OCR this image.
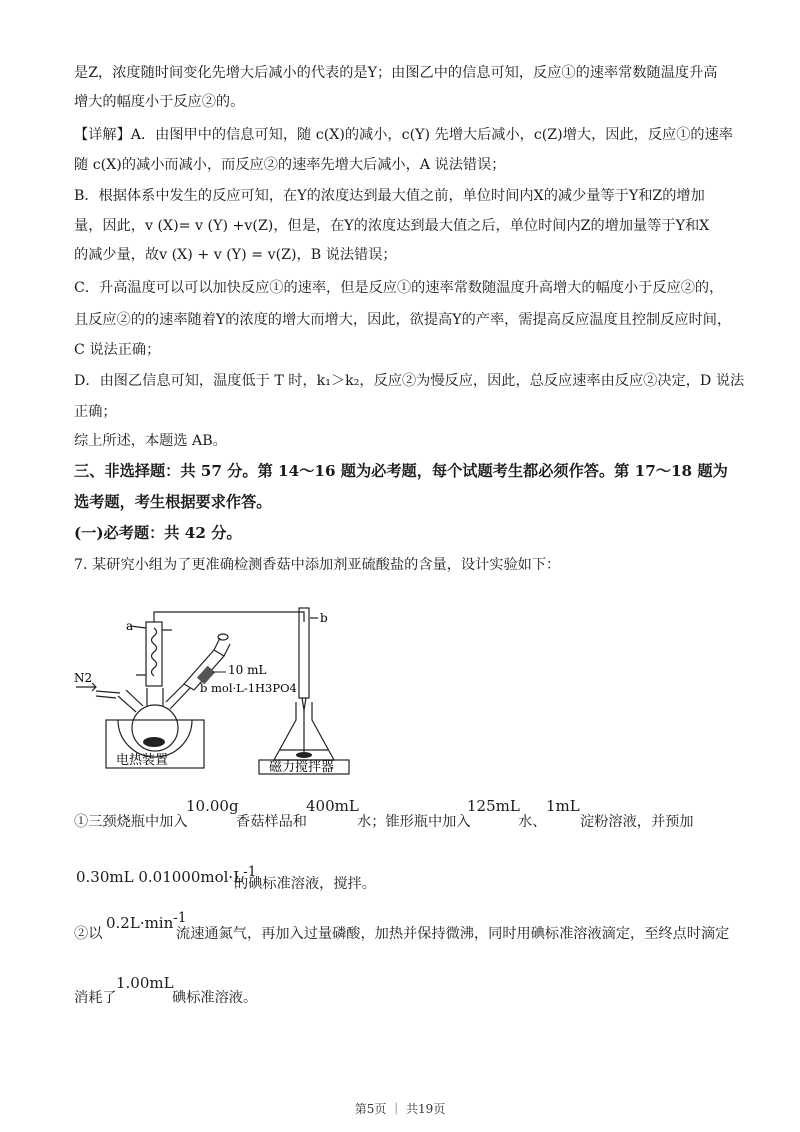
是Z，浓度随时间变化先增大后减小的代表的是Y；由图乙中的信息可知，反应①的速率常数随温度升高
增大的幅度小于反应②的。
【详解】A．由图甲中的信息可知，随 c(X)的减小，c(Y) 先增大后减小，c(Z)增大，因此，反应①的速率
随 c(X)的减小而减小，而反应②的速率先增大后减小，A 说法错误；
B．根据体系中发生的反应可知，在Y的浓度达到最大值之前，单位时间内X的减少量等于Y和Z的增加
量，因此，v (X)= v (Y) +v(Z)，但是，在Y的浓度达到最大值之后，单位时间内Z的增加量等于Y和X
的减少量，故v (X) + v (Y) = v(Z)，B 说法错误；
C．升高温度可以可以加快反应①的速率，但是反应①的速率常数随温度升高增大的幅度小于反应②的，
且反应②的的速率随着Y的浓度的增大而增大，因此，欲提高Y的产率，需提高反应温度且控制反应时间，
C 说法正确；
D．由图乙信息可知，温度低于 T 时，k₁＞k₂，反应②为慢反应，因此，总反应速率由反应②决定，D 说法
正确；
综上所述，本题选 AB。
三、非选择题：共 57 分。第 14～16 题为必考题，每个试题考生都必须作答。第 17～18 题为
选考题，考生根据要求作答。
(一)必考题：共 42 分。
7. 某研究小组为了更准确检测香菇中添加剂亚硫酸盐的含量，设计实验如下：
a
b
N2
10 mL
b mol·L-1H3PO4
电热装置	磁力搅拌器
①三颈烧瓶中加入
10.00g
香菇样品和
400mL
水；锥形瓶中加入
125mL
水、
1mL
淀粉溶液，并预加
0.30mL $0.01000mol\cdot L^{-1}$
的碘标准溶液，搅拌。
②以
$0.2L\cdot\min^{-1}$
流速通氮气，再加入过量磷酸，加热并保持微沸，同时用碘标准溶液滴定，至终点时滴定
消耗了
1.00mL
碘标准溶液。
第5页 ｜ 共19页
